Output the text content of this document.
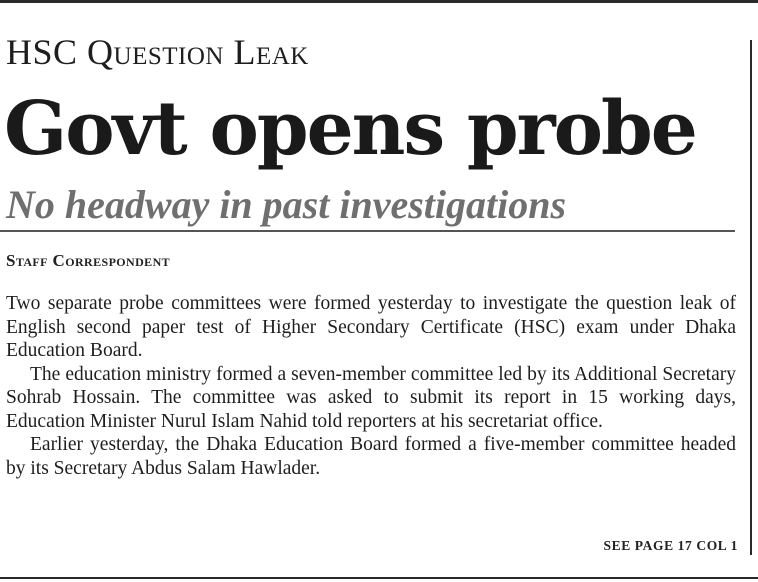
HSC Question Leak
Govt opens probe
No headway in past investigations
Staff Correspondent

Two separate probe committees were formed yesterday to investigate the question leak of English second paper test of Higher Secondary Certificate (HSC) exam under Dhaka Education Board.

The education ministry formed a seven-member committee led by its Additional Secretary Sohrab Hossain. The committee was asked to submit its report in 15 working days, Education Minister Nurul Islam Nahid told reporters at his secretariat office.

Earlier yesterday, the Dhaka Education Board formed a five-member committee headed by its Secretary Abdus Salam Hawlader.

SEE PAGE 17 COL 1
